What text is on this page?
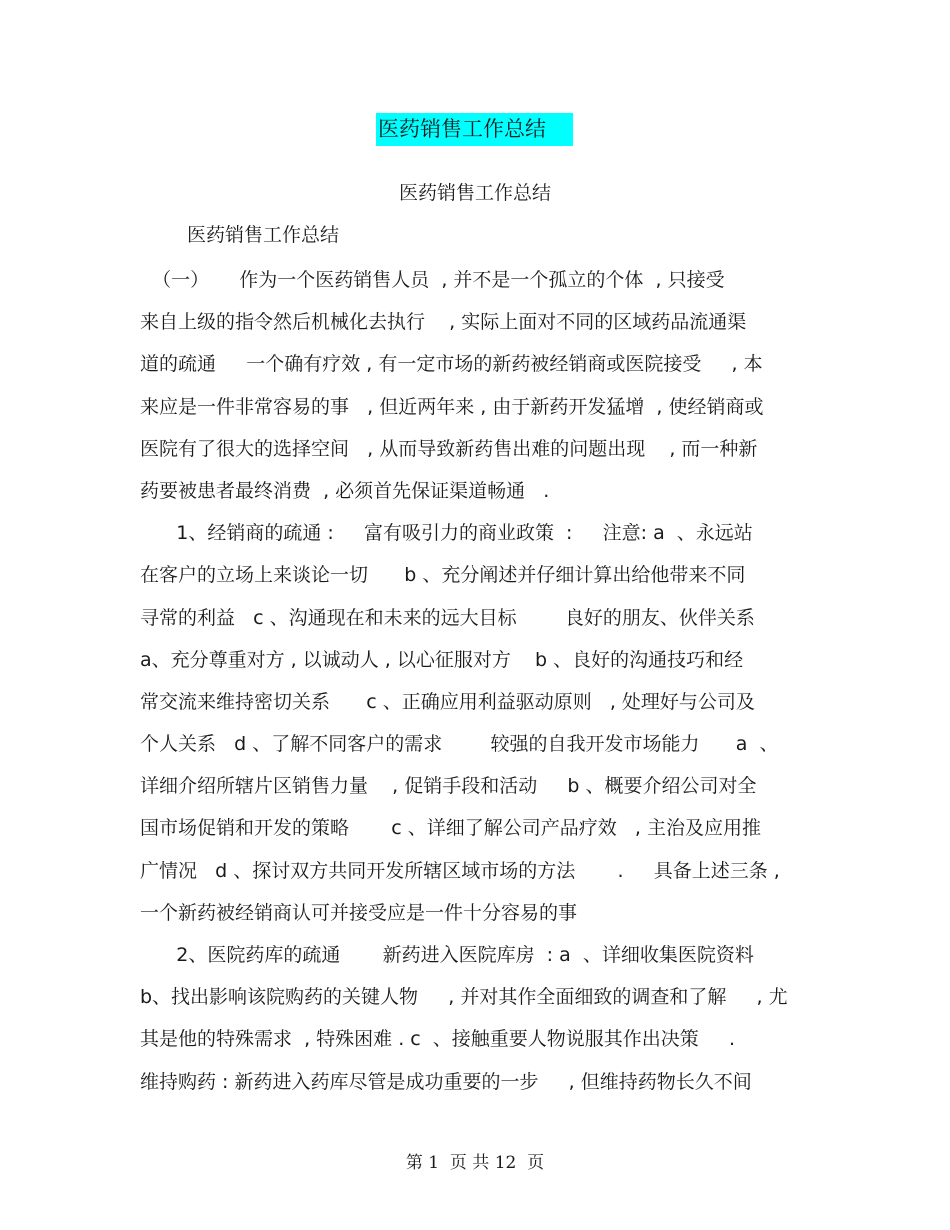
医药销售工作总结
医药销售工作总结
医药销售工作总结
（一）     作为一个医药销售人员  , 并不是一个孤立的个体  , 只接受
来自上级的指令然后机械化去执行    , 实际上面对不同的区域药品流通渠
道的疏通     一个确有疗效 , 有一定市场的新药被经销商或医院接受     , 本
来应是一件非常容易的事   , 但近两年来 , 由于新药开发猛增  , 使经销商或
医院有了很大的选择空间   , 从而导致新药售出难的问题出现    , 而一种新
药要被患者最终消费  , 必须首先保证渠道畅通   .
1、经销商的疏通 :     富有吸引力的商业政策  :     注意: a  、永远站
在客户的立场上来谈论一切      b 、充分阐述并仔细计算出给他带来不同
寻常的利益   c 、沟通现在和未来的远大目标        良好的朋友、伙伴关系
a、充分尊重对方 , 以诚动人 , 以心征服对方    b 、良好的沟通技巧和经
常交流来维持密切关系      c 、正确应用利益驱动原则   , 处理好与公司及
个人关系   d 、了解不同客户的需求        较强的自我开发市场能力      a  、
详细介绍所辖片区销售力量    , 促销手段和活动     b 、概要介绍公司对全
国市场促销和开发的策略       c 、详细了解公司产品疗效   , 主治及应用推
广情况   d 、探讨双方共同开发所辖区域市场的方法       .     具备上述三条 ,
一个新药被经销商认可并接受应是一件十分容易的事
2、医院药库的疏通       新药进入医院库房  : a  、详细收集医院资料
b、找出影响该院购药的关键人物     , 并对其作全面细致的调查和了解     , 尤
其是他的特殊需求  , 特殊困难 . c  、接触重要人物说服其作出决策     .
维持购药 : 新药进入药库尽管是成功重要的一步     , 但维持药物长久不间
第 1  页 共 12  页
